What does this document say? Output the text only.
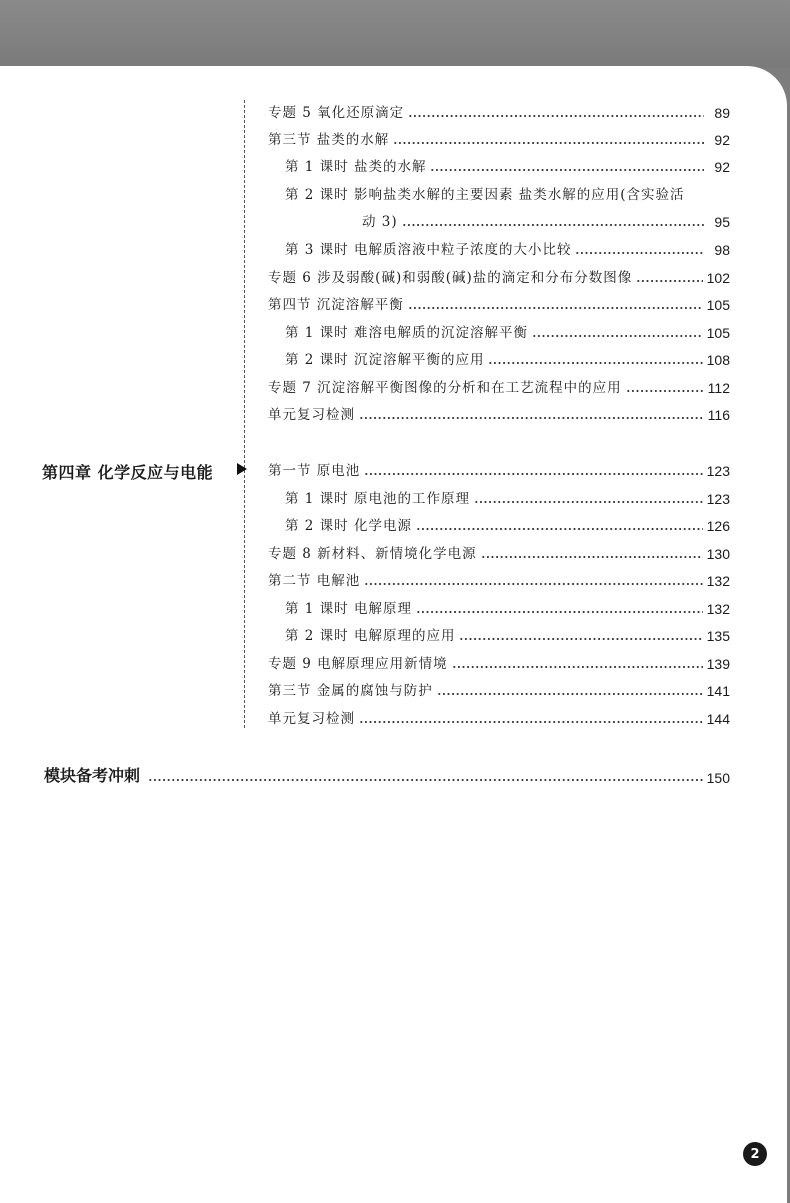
专题 5 氧化还原滴定	89
第三节 盐类的水解	92
第 1 课时 盐类的水解	92
第 2 课时 影响盐类水解的主要因素 盐类水解的应用(含实验活
动 3)	95
第 3 课时 电解质溶液中粒子浓度的大小比较	98
专题 6 涉及弱酸(碱)和弱酸(碱)盐的滴定和分布分数图像	102
第四节 沉淀溶解平衡	105
第 1 课时 难溶电解质的沉淀溶解平衡	105
第 2 课时 沉淀溶解平衡的应用	108
专题 7 沉淀溶解平衡图像的分析和在工艺流程中的应用	112
单元复习检测	116
第四章 化学反应与电能	第一节 原电池	123
第 1 课时 原电池的工作原理	123
第 2 课时 化学电源	126
专题 8 新材料、新情境化学电源	130
第二节 电解池	132
第 1 课时 电解原理	132
第 2 课时 电解原理的应用	135
专题 9 电解原理应用新情境	139
第三节 金属的腐蚀与防护	141
单元复习检测	144
模块备考冲刺	150
2
